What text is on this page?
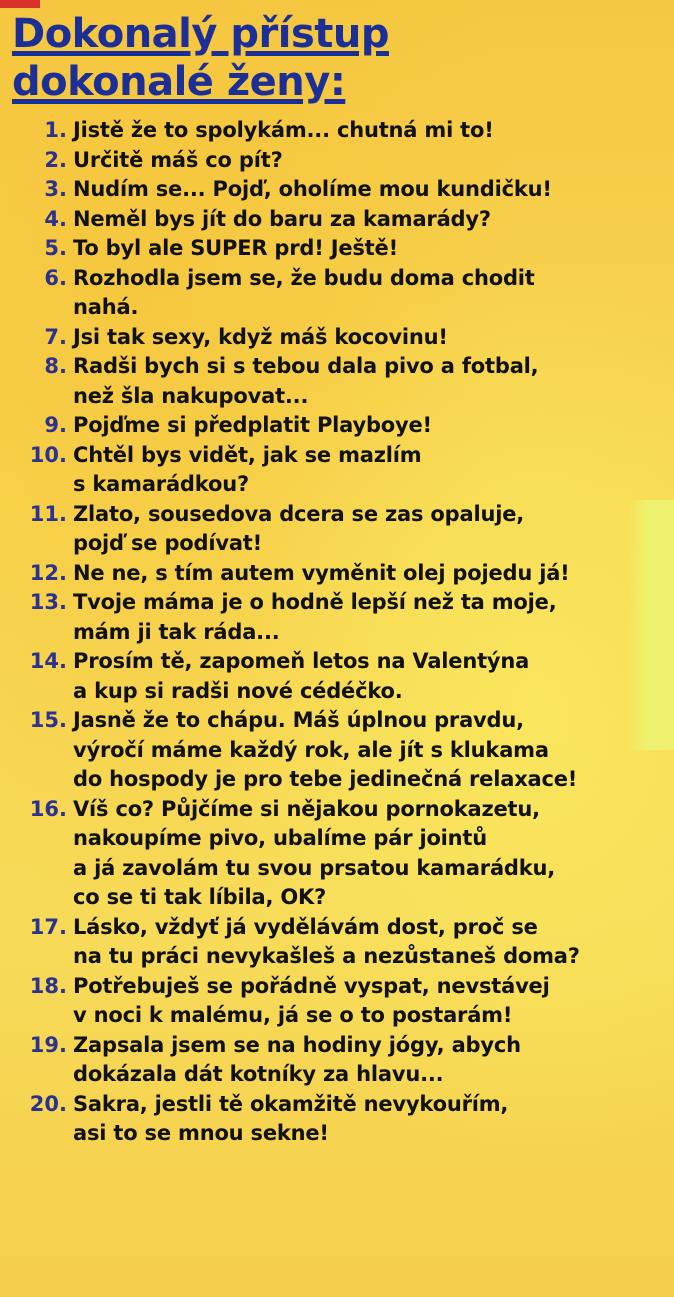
Dokonalý přístup
dokonalé ženy:
1. Jistě že to spolykám... chutná mi to!
2. Určitě máš co pít?
3. Nudím se... Pojď, oholíme mou kundičku!
4. Neměl bys jít do baru za kamarády?
5. To byl ale SUPER prd! Ještě!
6. Rozhodla jsem se, že budu doma chodit
nahá.
7. Jsi tak sexy, když máš kocovinu!
8. Radši bych si s tebou dala pivo a fotbal,
než šla nakupovat...
9. Pojďme si předplatit Playboye!
10. Chtěl bys vidět, jak se mazlím
s kamarádkou?
11. Zlato, sousedova dcera se zas opaluje,
pojď se podívat!
12. Ne ne, s tím autem vyměnit olej pojedu já!
13. Tvoje máma je o hodně lepší než ta moje,
mám ji tak ráda...
14. Prosím tě, zapomeň letos na Valentýna
a kup si radši nové cédéčko.
15. Jasně že to chápu. Máš úplnou pravdu,
výročí máme každý rok, ale jít s klukama
do hospody je pro tebe jedinečná relaxace!
16. Víš co? Půjčíme si nějakou pornokazetu,
nakoupíme pivo, ubalíme pár jointů
a já zavolám tu svou prsatou kamarádku,
co se ti tak líbila, OK?
17. Lásko, vždyť já vydělávám dost, proč se
na tu práci nevykašleš a nezůstaneš doma?
18. Potřebuješ se pořádně vyspat, nevstávej
v noci k malému, já se o to postarám!
19. Zapsala jsem se na hodiny jógy, abych
dokázala dát kotníky za hlavu...
20. Sakra, jestli tě okamžitě nevykouřím,
asi to se mnou sekne!
